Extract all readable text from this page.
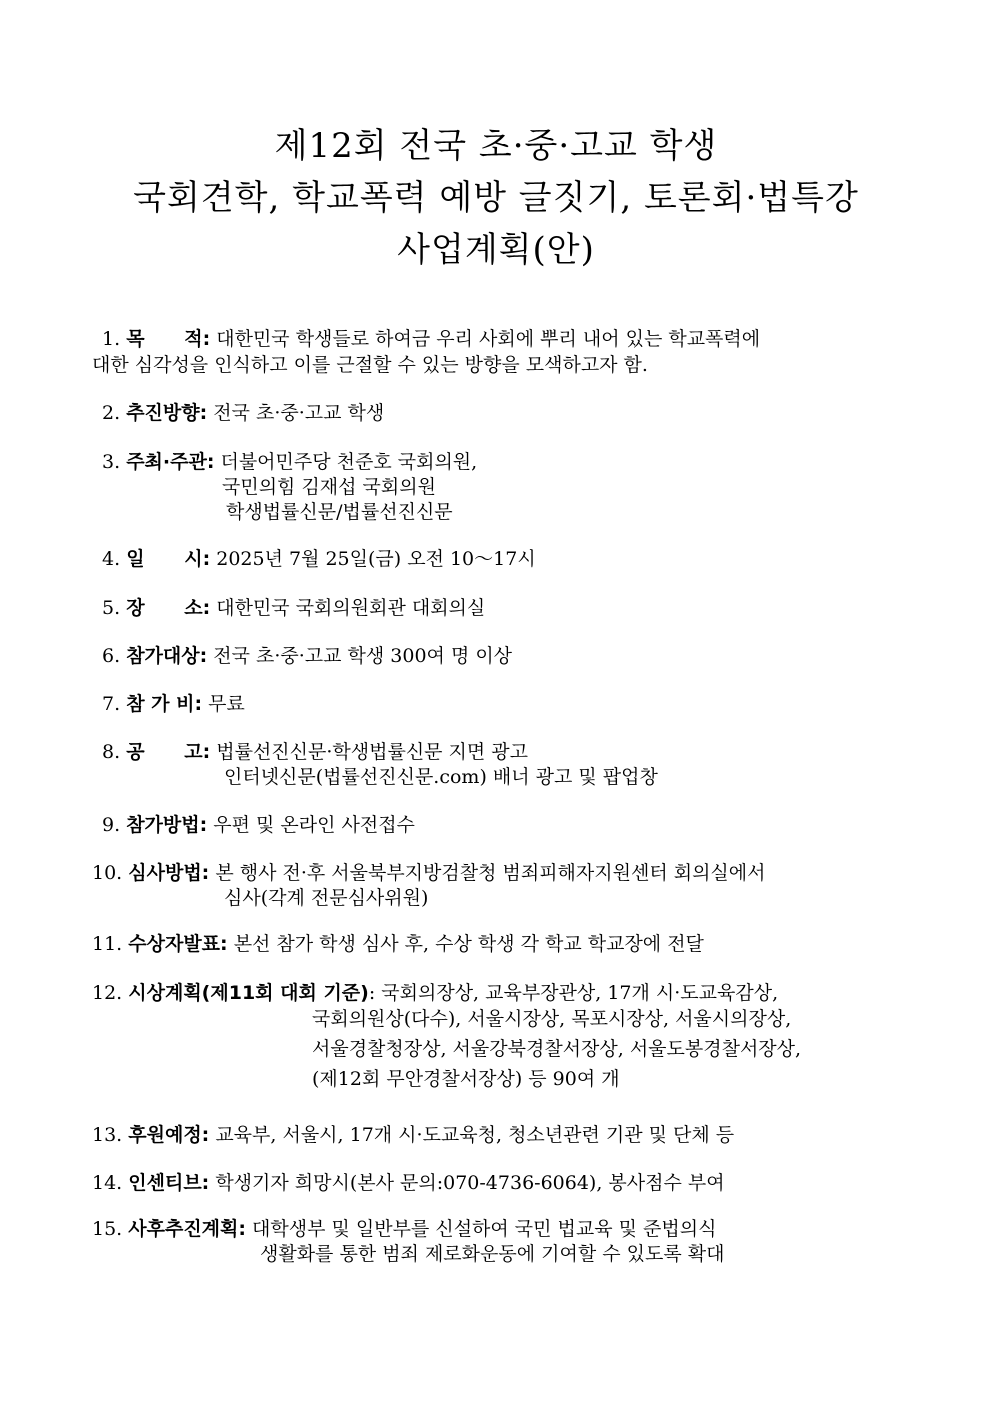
제12회 전국 초·중·고교 학생
국회견학, 학교폭력 예방 글짓기, 토론회·법특강
사업계획(안)
1. 목      적: 대한민국 학생들로 하여금 우리 사회에 뿌리 내어 있는 학교폭력에
대한 심각성을 인식하고 이를 근절할 수 있는 방향을 모색하고자 함.
2. 추진방향: 전국 초·중·고교 학생
3. 주최·주관: 더불어민주당 천준호 국회의원,
국민의힘 김재섭 국회의원
학생법률신문/법률선진신문
4. 일      시: 2025년 7월 25일(금) 오전 10～17시
5. 장      소: 대한민국 국회의원회관 대회의실
6. 참가대상: 전국 초·중·고교 학생 300여 명 이상
7. 참 가 비: 무료
8. 공      고: 법률선진신문·학생법률신문 지면 광고
인터넷신문(법률선진신문.com) 배너 광고 및 팝업창
9. 참가방법: 우편 및 온라인 사전접수
10. 심사방법: 본 행사 전·후 서울북부지방검찰청 범죄피해자지원센터 회의실에서
심사(각계 전문심사위원)
11. 수상자발표: 본선 참가 학생 심사 후, 수상 학생 각 학교 학교장에 전달
12. 시상계획(제11회 대회 기준): 국회의장상, 교육부장관상, 17개 시·도교육감상,
국회의원상(다수), 서울시장상, 목포시장상, 서울시의장상,
서울경찰청장상, 서울강북경찰서장상, 서울도봉경찰서장상,
(제12회 무안경찰서장상) 등 90여 개
13. 후원예정: 교육부, 서울시, 17개 시·도교육청, 청소년관련 기관 및 단체 등
14. 인센티브: 학생기자 희망시(본사 문의:070-4736-6064), 봉사점수 부여
15. 사후추진계획: 대학생부 및 일반부를 신설하여 국민 법교육 및 준법의식
생활화를 통한 범죄 제로화운동에 기여할 수 있도록 확대
